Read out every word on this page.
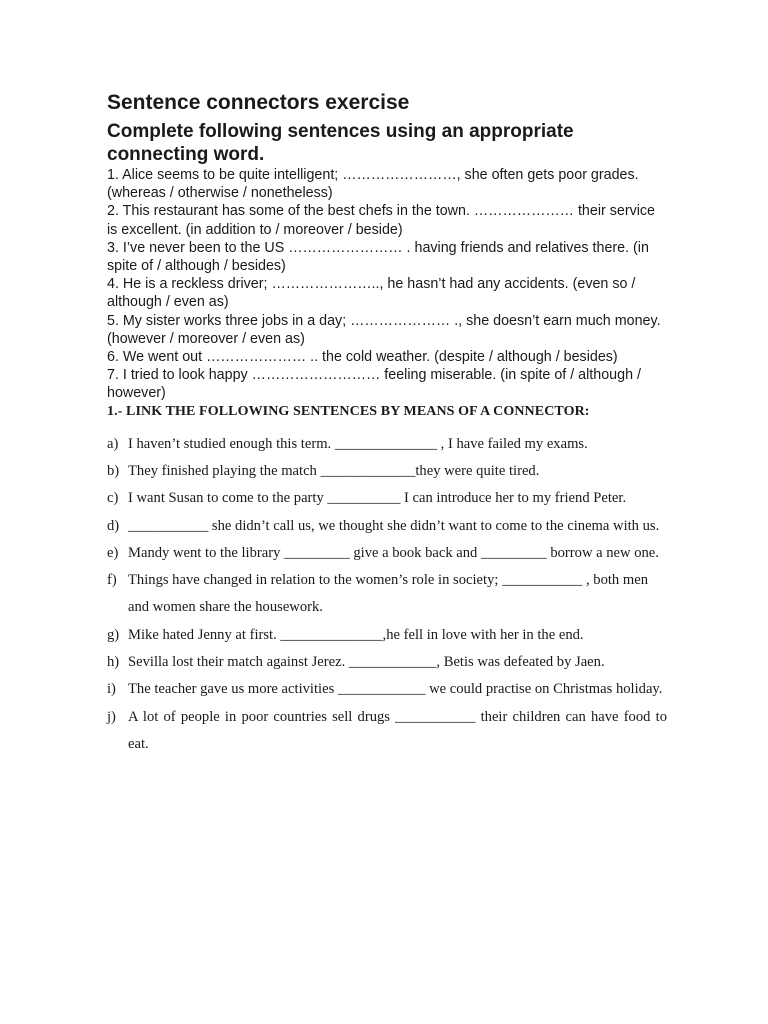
Sentence connectors exercise
Complete following sentences using an appropriate connecting word.

1. Alice seems to be quite intelligent; ……………………, she often gets poor grades. (whereas / otherwise / nonetheless)

2. This restaurant has some of the best chefs in the town. ………………… their service is excellent. (in addition to / moreover / beside)

3. I’ve never been to the US …………………… . having friends and relatives there. (in spite of / although / besides)

4. He is a reckless driver; ………………….., he hasn’t had any accidents. (even so / although / even as)

5. My sister works three jobs in a day; ………………… ., she doesn’t earn much money. (however / moreover / even as)

6. We went out ………………… .. the cold weather. (despite / although / besides)

7. I tried to look happy ……………………… feeling miserable. (in spite of / although / however)

1.- LINK THE FOLLOWING SENTENCES BY MEANS OF A CONNECTOR:
a) I haven’t studied enough this term. ______________ , I have failed my exams.
b) They finished playing the match _____________they were quite tired.
c) I want Susan to come to the party __________ I can introduce her to my friend Peter.
d) ___________ she didn’t call us, we thought she didn’t want to come to the cinema with us.
e) Mandy went to the library _________ give a book back and _________ borrow a new one.
f) Things have changed in relation to the women’s role in society; ___________ , both men and women share the housework.
g) Mike hated Jenny at first. ______________,he fell in love with her in the end.
h) Sevilla lost their match against Jerez. ____________, Betis was defeated by Jaen.
i) The teacher gave us more activities ____________ we could practise on Christmas holiday.
j) A lot of people in poor countries sell drugs ___________ their children can have food to eat.
